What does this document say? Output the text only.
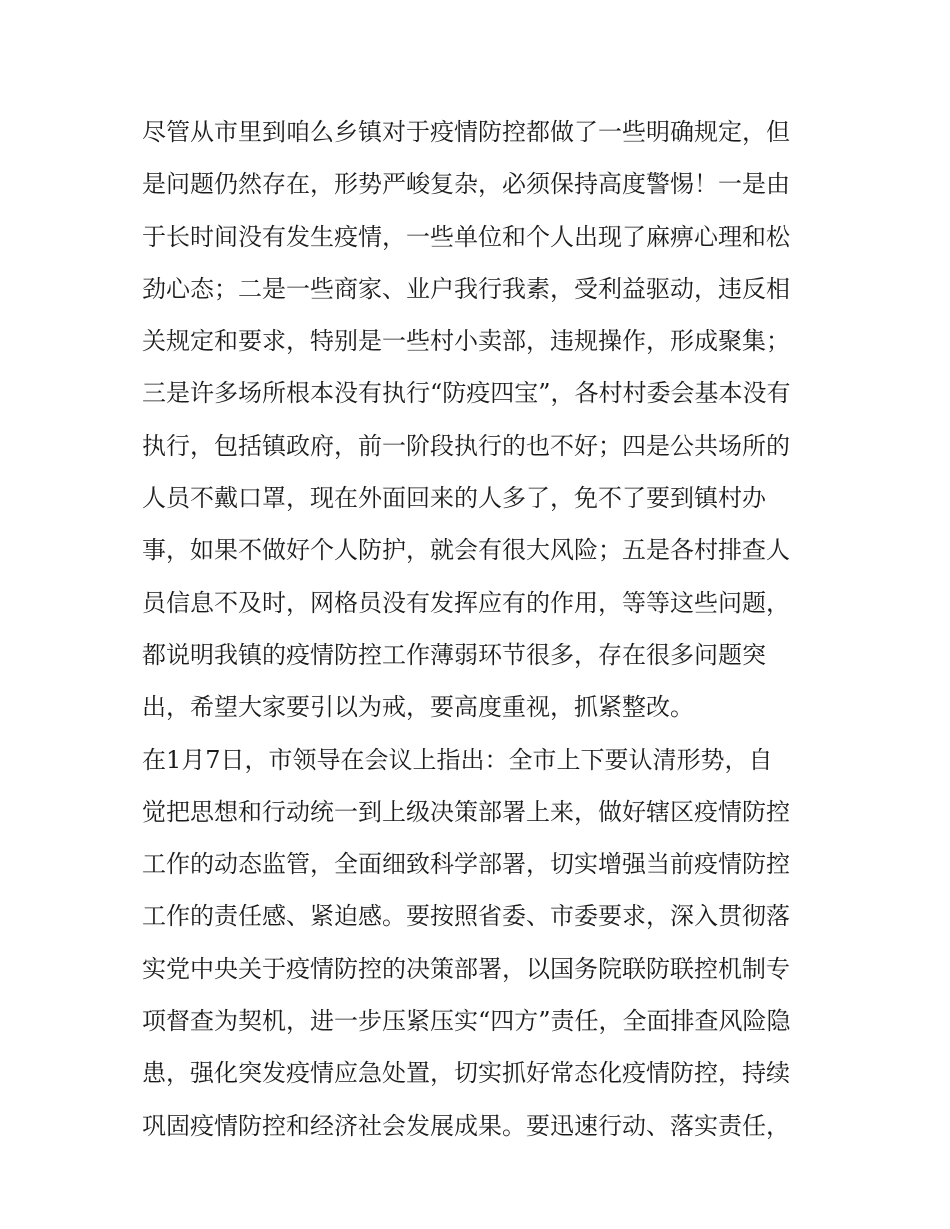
尽管从市里到咱么乡镇对于疫情防控都做了一些明确规定，但
是问题仍然存在，形势严峻复杂，必须保持高度警惕！一是由
于长时间没有发生疫情，一些单位和个人出现了麻痹心理和松
劲心态；二是一些商家、业户我行我素，受利益驱动，违反相
关规定和要求，特别是一些村小卖部，违规操作，形成聚集；
三是许多场所根本没有执行“防疫四宝”，各村村委会基本没有
执行，包括镇政府，前一阶段执行的也不好；四是公共场所的
人员不戴口罩，现在外面回来的人多了，免不了要到镇村办
事，如果不做好个人防护，就会有很大风险；五是各村排查人
员信息不及时，网格员没有发挥应有的作用，等等这些问题，
都说明我镇的疫情防控工作薄弱环节很多，存在很多问题突
出，希望大家要引以为戒，要高度重视，抓紧整改。
在1月7日，市领导在会议上指出：全市上下要认清形势，自
觉把思想和行动统一到上级决策部署上来，做好辖区疫情防控
工作的动态监管，全面细致科学部署，切实增强当前疫情防控
工作的责任感、紧迫感。要按照省委、市委要求，深入贯彻落
实党中央关于疫情防控的决策部署，以国务院联防联控机制专
项督查为契机，进一步压紧压实“四方”责任，全面排查风险隐
患，强化突发疫情应急处置，切实抓好常态化疫情防控，持续
巩固疫情防控和经济社会发展成果。要迅速行动、落实责任，
